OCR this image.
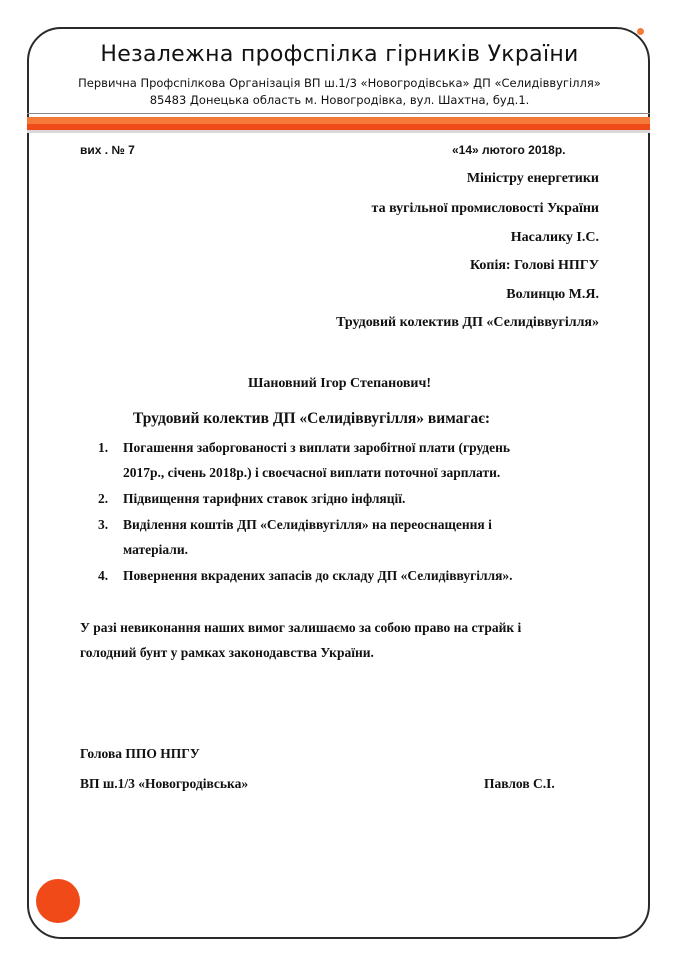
Незалежна профспілка гірників України
Первична Профспілкова Організація ВП ш.1/3 «Новогродівська» ДП «Селидіввугілля»
85483 Донецька область м. Новогродівка, вул. Шахтна, буд.1.
вих . № 7	«14» лютого 2018р.
Міністру енергетики
та вугільної промисловості України
Насалику І.С.
Копія: Голові НПГУ
Волинцю М.Я.
Трудовий колектив ДП «Селидіввугілля»
Шановний Ігор Степанович!
Трудовий колектив ДП «Селидіввугілля» вимагає:
1. Погашення заборгованості з виплати заробітної плати (грудень
2017р., січень 2018р.) і своєчасної виплати поточної зарплати.
2. Підвищення тарифних ставок згідно інфляції.
3. Виділення коштів ДП «Селидіввугілля» на переоснащення і
матеріали.
4. Повернення вкрадених запасів до складу ДП «Селидіввугілля».
У разі невиконання наших вимог залишаємо за собою право на страйк і
голодний бунт у рамках законодавства України.
Голова ППО НПГУ
ВП ш.1/3 «Новогродівська»	Павлов С.І.
